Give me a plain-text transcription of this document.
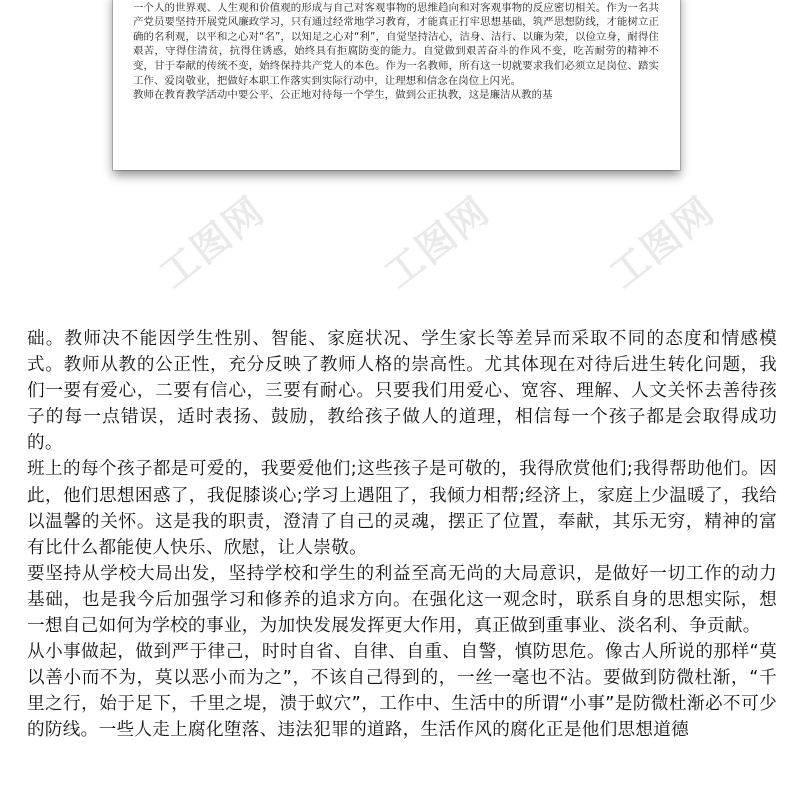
一个人的世界观、人生观和价值观的形成与自己对客观事物的思维趋向和对客观事物的反应密切相关。作为一名共产党员要坚持开展党风廉政学习，只有通过经常地学习教育，才能真正打牢思想基础，筑严思想防线，才能树立正确的名利观，以平和之心对“名”，以知足之心对“利”，自觉坚持洁心，洁身、洁行、以廉为荣，以俭立身，耐得住艰苦，守得住清贫，抗得住诱惑，始终具有拒腐防变的能力。自觉做到艰苦奋斗的作风不变，吃苦耐劳的精神不变，甘于奉献的传统不变，始终保持共产党人的本色。作为一名教师，所有这一切就要求我们必须立足岗位、踏实工作、爱岗敬业，把做好本职工作落实到实际行动中，让理想和信念在岗位上闪光。

教师在教育教学活动中要公平、公正地对待每一个学生，做到公正执教，这是廉洁从教的基

工图网	工图网	工图网

础。教师决不能因学生性别、智能、家庭状况、学生家长等差异而采取不同的态度和情感模式。教师从教的公正性，充分反映了教师人格的崇高性。尤其体现在对待后进生转化问题，我们一要有爱心，二要有信心，三要有耐心。只要我们用爱心、宽容、理解、人文关怀去善待孩子的每一点错误，适时表扬、鼓励，教给孩子做人的道理，相信每一个孩子都是会取得成功的。

班上的每个孩子都是可爱的，我要爱他们;这些孩子是可敬的，我得欣赏他们;我得帮助他们。因此，他们思想困惑了，我促膝谈心;学习上遇阻了，我倾力相帮;经济上，家庭上少温暖了，我给以温馨的关怀。这是我的职责，澄清了自己的灵魂，摆正了位置，奉献，其乐无穷，精神的富有比什么都能使人快乐、欣慰，让人崇敬。

要坚持从学校大局出发，坚持学校和学生的利益至高无尚的大局意识，是做好一切工作的动力基础，也是我今后加强学习和修养的追求方向。在强化这一观念时，联系自身的思想实际，想一想自己如何为学校的事业，为加快发展发挥更大作用，真正做到重事业、淡名利、争贡献。

从小事做起，做到严于律己，时时自省、自律、自重、自警，慎防思危。像古人所说的那样“莫以善小而不为，莫以恶小而为之”，不该自己得到的，一丝一毫也不沾。要做到防微杜渐，“千里之行，始于足下，千里之堤，溃于蚁穴”，工作中、生活中的所谓“小事”是防微杜渐必不可少的防线。一些人走上腐化堕落、违法犯罪的道路，生活作风的腐化正是他们思想道德
